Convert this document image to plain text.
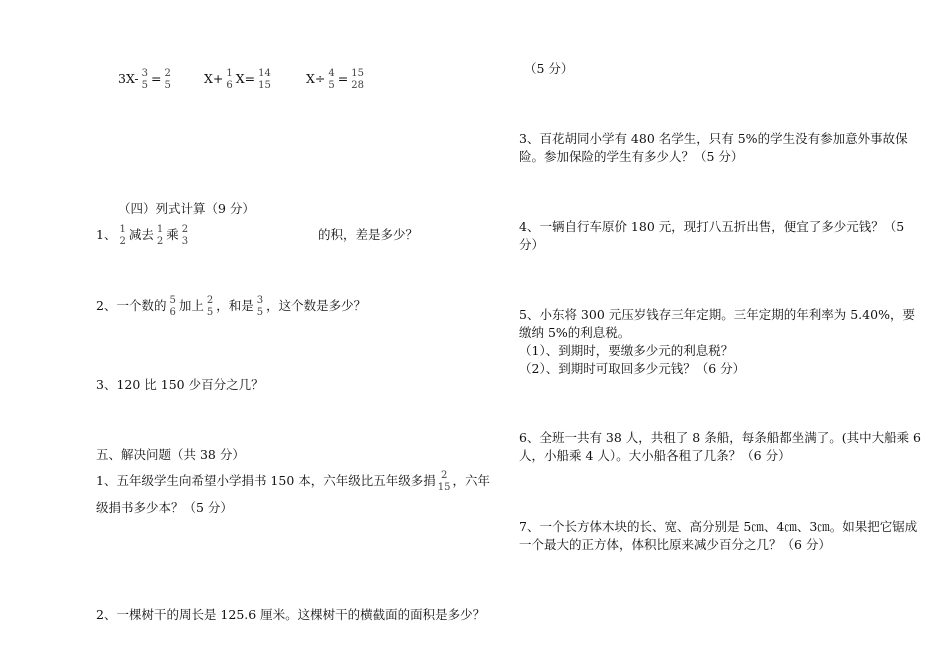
3X- 3
5 = 2
5	X+ 1
6 X= 14
15	X÷ 4
5 = 15
28
（四）列式计算（9 分）
1、 1
2 减去 1
2 乘 2
3	的积，差是多少？
2、一个数的 5
6 加上 2
5 ，和是 3
5 ，这个数是多少？
3、120 比 150 少百分之几？
五、解决问题（共 38 分）
1、五年级学生向希望小学捐书 150 本，六年级比五年级多捐 2
15 ，六年
级捐书多少本？（5 分）
2、一棵树干的周长是 125.6 厘米。这棵树干的横截面的面积是多少？
（5 分）
3、百花胡同小学有 480 名学生，只有 5%的学生没有参加意外事故保
险。参加保险的学生有多少人？（5 分）
4、一辆自行车原价 180 元，现打八五折出售，便宜了多少元钱？（5
分）
5、小东将 300 元压岁钱存三年定期。三年定期的年利率为 5.40%，要
缴纳 5%的利息税。
（1）、到期时，要缴多少元的利息税？
（2）、到期时可取回多少元钱？（6 分）
6、全班一共有 38 人，共租了 8 条船，每条船都坐满了。(其中大船乘 6
人，小船乘 4 人）。大小船各租了几条？（6 分）
7、一个长方体木块的长、宽、高分别是 5㎝、4㎝、3㎝。如果把它锯成
一个最大的正方体，体积比原来减少百分之几？（6 分）
